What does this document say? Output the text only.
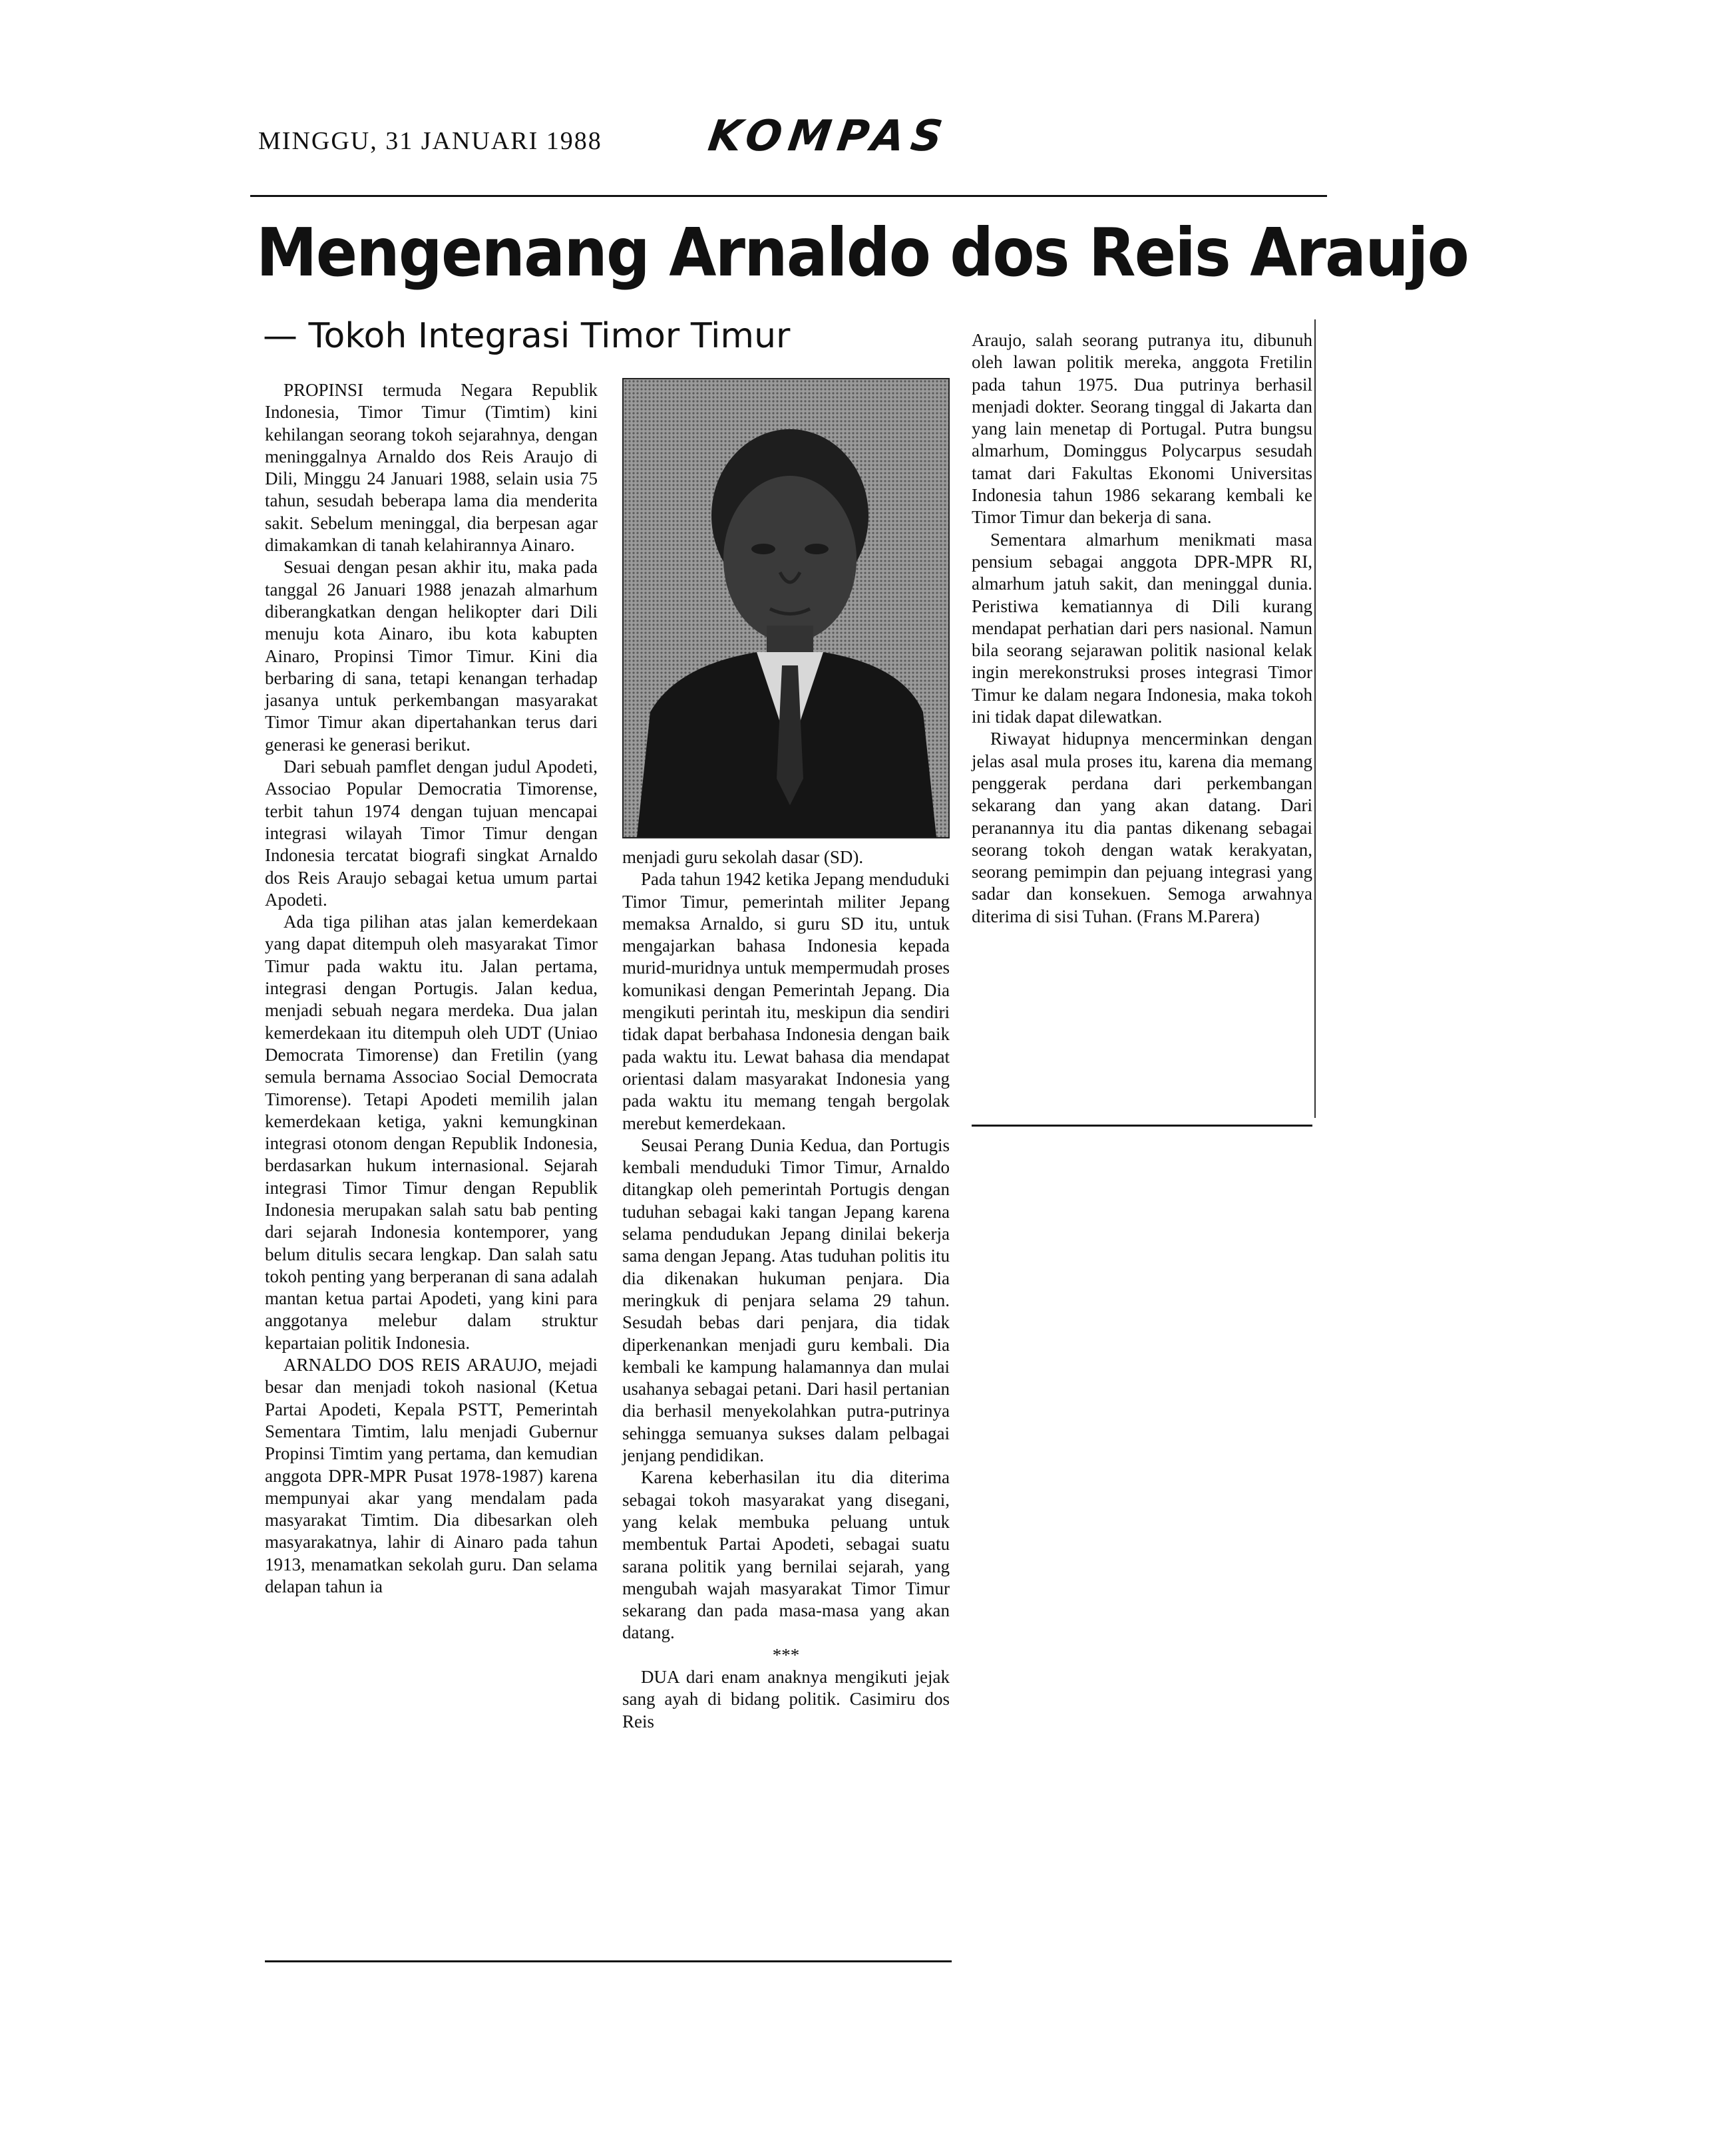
MINGGU, 31 JANUARI 1988 KOMPAS
Mengenang Arnaldo dos Reis Araujo
— Tokoh Integrasi Timor Timur

PROPINSI termuda Negara Republik Indonesia, Timor Timur (Timtim) kini kehilangan seorang tokoh sejarahnya, dengan meninggalnya Arnaldo dos Reis Araujo di Dili, Minggu 24 Januari 1988, selain usia 75 tahun, sesudah beberapa lama dia menderita sakit. Sebelum meninggal, dia berpesan agar dimakamkan di tanah kelahirannya Ainaro.

Sesuai dengan pesan akhir itu, maka pada tanggal 26 Januari 1988 jenazah almarhum diberangkatkan dengan helikopter dari Dili menuju kota Ainaro, ibu kota kabupten Ainaro, Propinsi Timor Timur. Kini dia berbaring di sana, tetapi kenangan terhadap jasanya untuk perkembangan masyarakat Timor Timur akan dipertahankan terus dari generasi ke generasi berikut.

Dari sebuah pamflet dengan judul Apodeti, Associao Popular Democratia Timorense, terbit tahun 1974 dengan tujuan mencapai integrasi wilayah Timor Timur dengan Indonesia tercatat biografi singkat Arnaldo dos Reis Araujo sebagai ketua umum partai Apodeti.

Ada tiga pilihan atas jalan kemerdekaan yang dapat ditempuh oleh masyarakat Timor Timur pada waktu itu. Jalan pertama, integrasi dengan Portugis. Jalan kedua, menjadi sebuah negara merdeka. Dua jalan kemerdekaan itu ditempuh oleh UDT (Uniao Democrata Timorense) dan Fretilin (yang semula bernama Associao Social Democrata Timorense). Tetapi Apodeti memilih jalan kemerdekaan ketiga, yakni kemungkinan integrasi otonom dengan Republik Indonesia, berdasarkan hukum internasional. Sejarah integrasi Timor Timur dengan Republik Indonesia merupakan salah satu bab penting dari sejarah Indonesia kontemporer, yang belum ditulis secara lengkap. Dan salah satu tokoh penting yang berperanan di sana adalah mantan ketua partai Apodeti, yang kini para anggotanya melebur dalam struktur kepartaian politik Indonesia.

ARNALDO DOS REIS ARAUJO, mejadi besar dan menjadi tokoh nasional (Ketua Partai Apodeti, Kepala PSTT, Pemerintah Sementara Timtim, lalu menjadi Gubernur Propinsi Timtim yang pertama, dan kemudian anggota DPR-MPR Pusat 1978-1987) karena mempunyai akar yang mendalam pada masyarakat Timtim. Dia dibesarkan oleh masyarakatnya, lahir di Ainaro pada tahun 1913, menamatkan sekolah guru. Dan selama delapan tahun ia

menjadi guru sekolah dasar (SD).

Pada tahun 1942 ketika Jepang menduduki Timor Timur, pemerintah militer Jepang memaksa Arnaldo, si guru SD itu, untuk mengajarkan bahasa Indonesia kepada murid-muridnya untuk mempermudah proses komunikasi dengan Pemerintah Jepang. Dia mengikuti perintah itu, meskipun dia sendiri tidak dapat berbahasa Indonesia dengan baik pada waktu itu. Lewat bahasa dia mendapat orientasi dalam masyarakat Indonesia yang pada waktu itu memang tengah bergolak merebut kemerdekaan.

Seusai Perang Dunia Kedua, dan Portugis kembali menduduki Timor Timur, Arnaldo ditangkap oleh pemerintah Portugis dengan tuduhan sebagai kaki tangan Jepang karena selama pendudukan Jepang dinilai bekerja sama dengan Jepang. Atas tuduhan politis itu dia dikenakan hukuman penjara. Dia meringkuk di penjara selama 29 tahun. Sesudah bebas dari penjara, dia tidak diperkenankan menjadi guru kembali. Dia kembali ke kampung halamannya dan mulai usahanya sebagai petani. Dari hasil pertanian dia berhasil menyekolahkan putra-putrinya sehingga semuanya sukses dalam pelbagai jenjang pendidikan.

Karena keberhasilan itu dia diterima sebagai tokoh masyarakat yang disegani, yang kelak membuka peluang untuk membentuk Partai Apodeti, sebagai suatu sarana politik yang bernilai sejarah, yang mengubah wajah masyarakat Timor Timur sekarang dan pada masa-masa yang akan datang.

***

DUA dari enam anaknya mengikuti jejak sang ayah di bidang politik. Casimiru dos Reis

Araujo, salah seorang putranya itu, dibunuh oleh lawan politik mereka, anggota Fretilin pada tahun 1975. Dua putrinya berhasil menjadi dokter. Seorang tinggal di Jakarta dan yang lain menetap di Portugal. Putra bungsu almarhum, Dominggus Polycarpus sesudah tamat dari Fakultas Ekonomi Universitas Indonesia tahun 1986 sekarang kembali ke Timor Timur dan bekerja di sana.

Sementara almarhum menikmati masa pensium sebagai anggota DPR-MPR RI, almarhum jatuh sakit, dan meninggal dunia. Peristiwa kematiannya di Dili kurang mendapat perhatian dari pers nasional. Namun bila seorang sejarawan politik nasional kelak ingin merekonstruksi proses integrasi Timor Timur ke dalam negara Indonesia, maka tokoh ini tidak dapat dilewatkan.

Riwayat hidupnya mencerminkan dengan jelas asal mula proses itu, karena dia memang penggerak perdana dari perkembangan sekarang dan yang akan datang. Dari peranannya itu dia pantas dikenang sebagai seorang tokoh dengan watak kerakyatan, seorang pemimpin dan pejuang integrasi yang sadar dan konsekuen. Semoga arwahnya diterima di sisi Tuhan. (Frans M.Parera)
